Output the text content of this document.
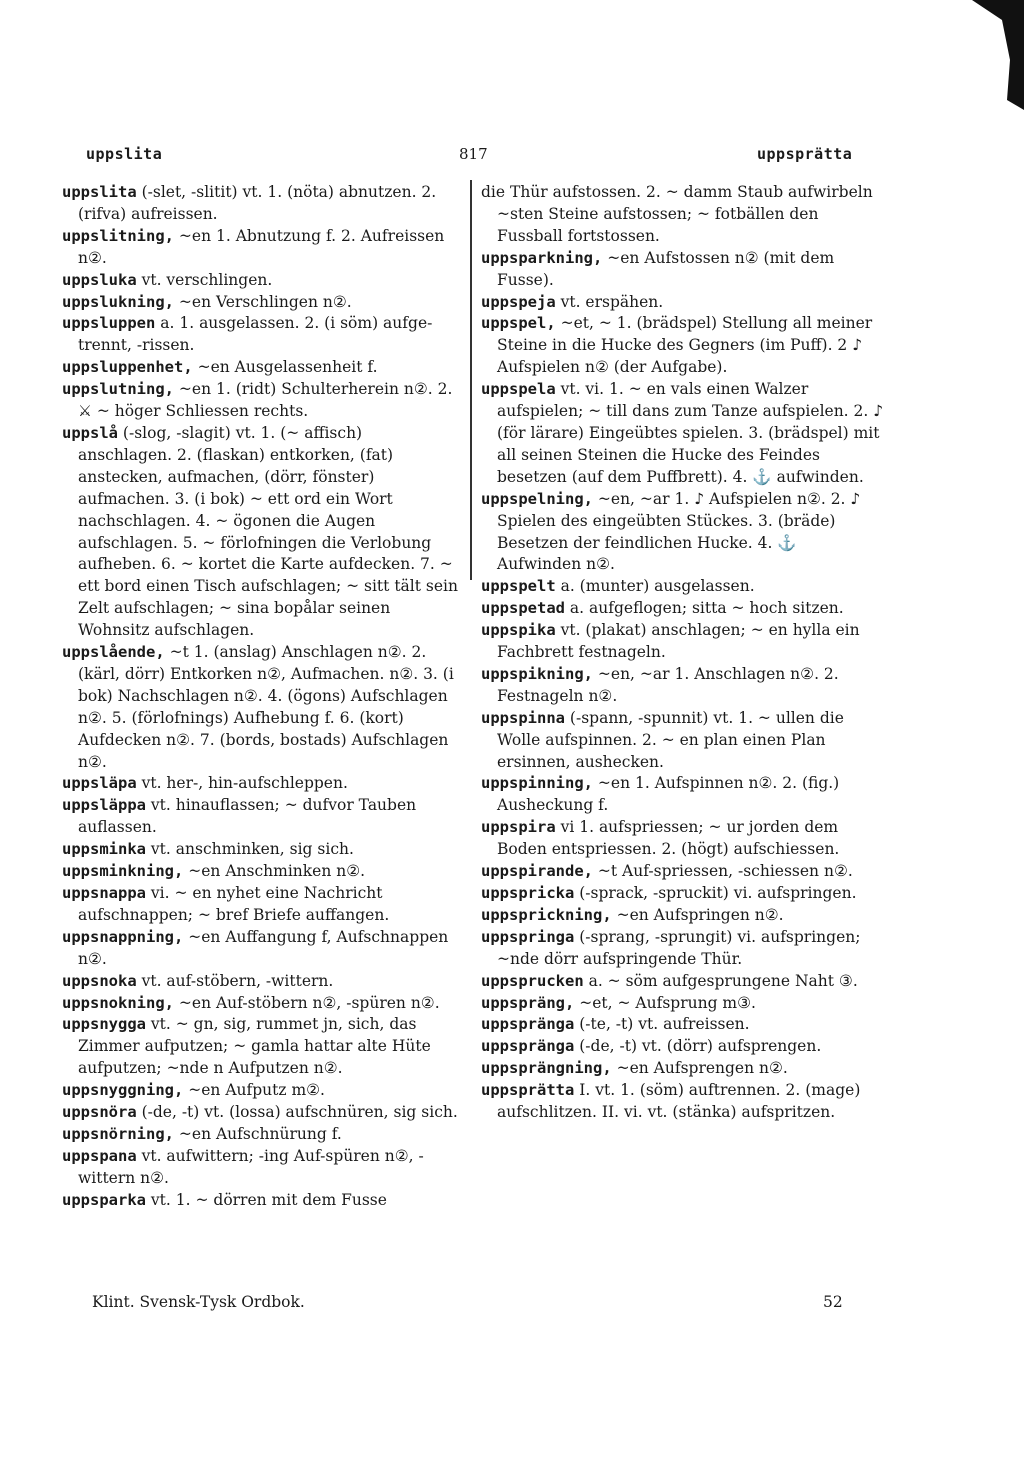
uppslita	817	uppsprätta
uppslita (-slet, -slitit) vt. 1. (nöta) abnutzen. 2. (rifva) aufreissen.
uppslitning, ~en 1. Abnutzung f. 2. Aufreissen n②.
uppsluka vt. verschlingen.
uppslukning, ~en Verschlingen n②.
uppsluppen a. 1. ausgelassen. 2. (i söm) aufge-trennt, -rissen.
uppsluppenhet, ~en Ausgelassenheit f.
uppslutning, ~en 1. (ridt) Schulterherein n②. 2. ⚔ ~ höger Schliessen rechts.
uppslå (-slog, -slagit) vt. 1. (~ affisch) anschlagen. 2. (flaskan) entkorken, (fat) anstecken, aufmachen, (dörr, fönster) aufmachen. 3. (i bok) ~ ett ord ein Wort nachschlagen. 4. ~ ögonen die Augen aufschlagen. 5. ~ förlofningen die Verlobung aufheben. 6. ~ kortet die Karte aufdecken. 7. ~ ett bord einen Tisch aufschlagen; ~ sitt tält sein Zelt aufschlagen; ~ sina bopålar seinen Wohnsitz aufschlagen.
uppslående, ~t 1. (anslag) Anschlagen n②. 2. (kärl, dörr) Entkorken n②, Aufmachen. n②. 3. (i bok) Nachschlagen n②. 4. (ögons) Aufschlagen n②. 5. (förlofnings) Aufhebung f. 6. (kort) Aufdecken n②. 7. (bords, bostads) Aufschlagen n②.
uppsläpa vt. her-, hin-aufschleppen.
uppsläppa vt. hinauflassen; ~ dufvor Tauben auflassen.
uppsminka vt. anschminken, sig sich.
uppsminkning, ~en Anschminken n②.
uppsnappa vi. ~ en nyhet eine Nachricht aufschnappen; ~ bref Briefe auffangen.
uppsnappning, ~en Auffangung f, Aufschnappen n②.
uppsnoka vt. auf-stöbern, -wittern.
uppsnokning, ~en Auf-stöbern n②, -spüren n②.
uppsnygga vt. ~ gn, sig, rummet jn, sich, das Zimmer aufputzen; ~ gamla hattar alte Hüte aufputzen; ~nde n Aufputzen n②.
uppsnyggning, ~en Aufputz m②.
uppsnöra (-de, -t) vt. (lossa) aufschnüren, sig sich.
uppsnörning, ~en Aufschnürung f.
uppspana vt. aufwittern; -ing Auf-spüren n②, -wittern n②.
uppsparka vt. 1. ~ dörren mit dem Fusse
die Thür aufstossen. 2. ~ damm Staub aufwirbeln ~sten Steine aufstossen; ~ fotbällen den Fussball fortstossen.
uppsparkning, ~en Aufstossen n② (mit dem Fusse).
uppspeja vt. erspähen.
uppspel, ~et, ~ 1. (brädspel) Stellung all meiner Steine in die Hucke des Gegners (im Puff). 2 ♪ Aufspielen n② (der Aufgabe).
uppspela vt. vi. 1. ~ en vals einen Walzer aufspielen; ~ till dans zum Tanze aufspielen. 2. ♪ (för lärare) Eingeübtes spielen. 3. (brädspel) mit all seinen Steinen die Hucke des Feindes besetzen (auf dem Puffbrett). 4. ⚓ aufwinden.
uppspelning, ~en, ~ar 1. ♪ Aufspielen n②. 2. ♪ Spielen des eingeübten Stückes. 3. (bräde) Besetzen der feindlichen Hucke. 4. ⚓ Aufwinden n②.
uppspelt a. (munter) ausgelassen.
uppspetad a. aufgeflogen; sitta ~ hoch sitzen.
uppspika vt. (plakat) anschlagen; ~ en hylla ein Fachbrett festnageln.
uppspikning, ~en, ~ar 1. Anschlagen n②. 2. Festnageln n②.
uppspinna (-spann, -spunnit) vt. 1. ~ ullen die Wolle aufspinnen. 2. ~ en plan einen Plan ersinnen, aushecken.
uppspinning, ~en 1. Aufspinnen n②. 2. (fig.) Ausheckung f.
uppspira vi 1. aufspriessen; ~ ur jorden dem Boden entspriessen. 2. (högt) aufschiessen.
uppspirande, ~t Auf-spriessen, -schiessen n②.
uppspricka (-sprack, -spruckit) vi. aufspringen.
uppsprickning, ~en Aufspringen n②.
uppspringa (-sprang, -sprungit) vi. aufspringen; ~nde dörr aufspringende Thür.
uppsprucken a. ~ söm aufgesprungene Naht ③.
uppspräng, ~et, ~ Aufsprung m③.
uppsprängа (-te, -t) vt. aufreissen.
uppspränga (-de, -t) vt. (dörr) aufsprengen.
uppsprängning, ~en Aufsprengen n②.
uppsprätta I. vt. 1. (söm) auftrennen. 2. (mage) aufschlitzen. II. vi. vt. (stänka) aufspritzen.
Klint. Svensk-Tysk Ordbok.	52
